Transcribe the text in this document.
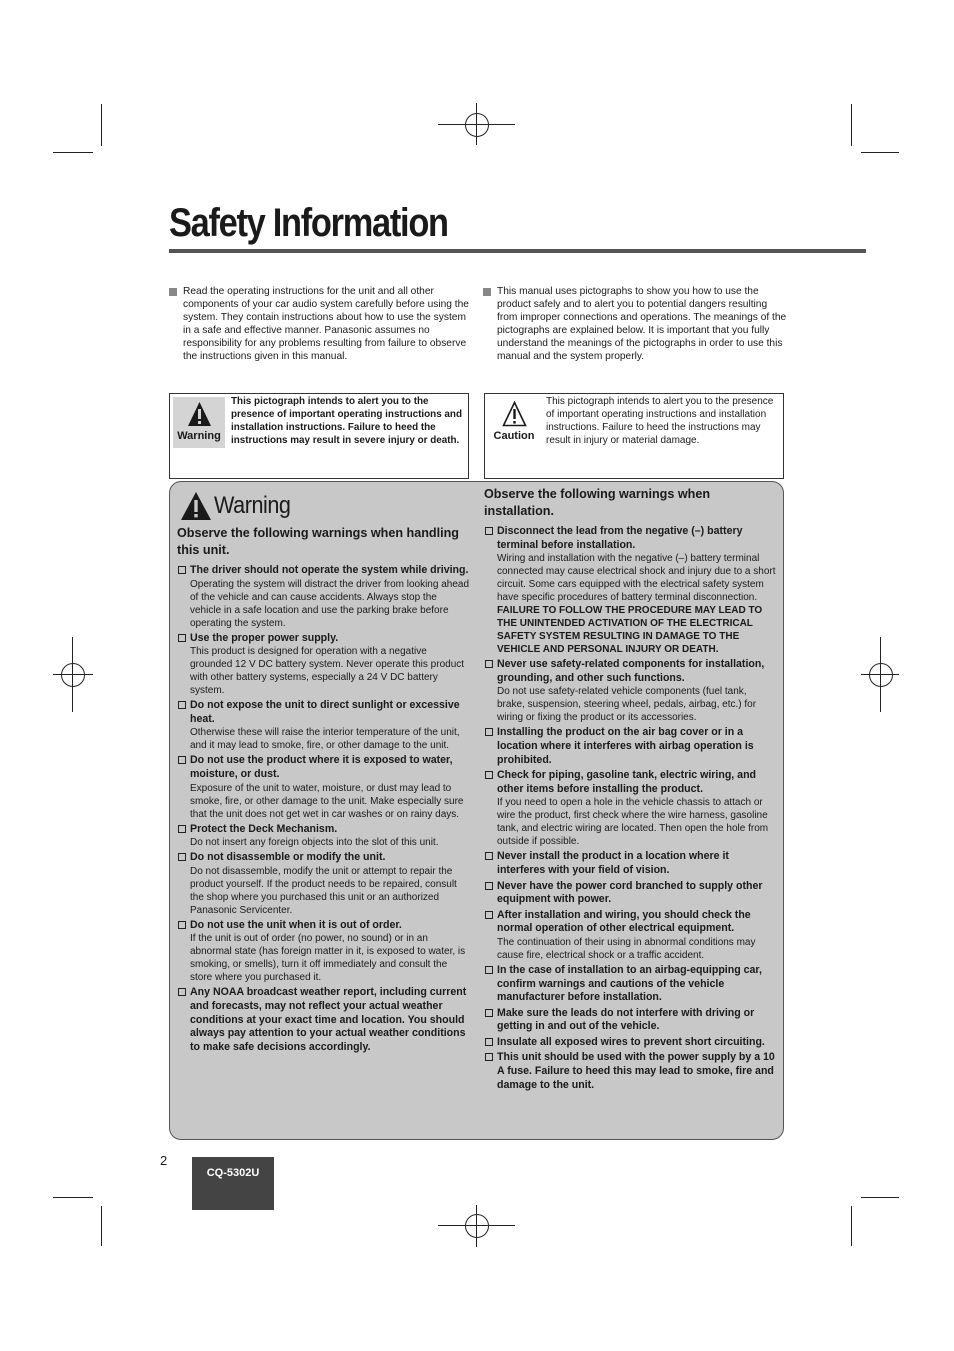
Safety Information
Read the operating instructions for the unit and all other components of your car audio system carefully before using the system. They contain instructions about how to use the system in a safe and effective manner. Panasonic assumes no responsibility for any problems resulting from failure to observe the instructions given in this manual.
This manual uses pictographs to show you how to use the product safely and to alert you to potential dangers resulting from improper connections and operations. The meanings of the pictographs are explained below. It is important that you fully understand the meanings of the pictographs in order to use this manual and the system properly.
Warning
This pictograph intends to alert you to the presence of important operating instructions and installation instructions. Failure to heed the instructions may result in severe injury or death.	Caution
This pictograph intends to alert you to the presence of important operating instructions and installation instructions. Failure to heed the instructions may result in injury or material damage.
Warning
Observe the following warnings when handling this unit.
The driver should not operate the system while driving.
Operating the system will distract the driver from looking ahead of the vehicle and can cause accidents. Always stop the vehicle in a safe location and use the parking brake before operating the system.
Use the proper power supply.
This product is designed for operation with a negative grounded 12 V DC battery system. Never operate this product with other battery systems, especially a 24 V DC battery system.
Do not expose the unit to direct sunlight or excessive heat.
Otherwise these will raise the interior temperature of the unit, and it may lead to smoke, fire, or other damage to the unit.
Do not use the product where it is exposed to water, moisture, or dust.
Exposure of the unit to water, moisture, or dust may lead to smoke, fire, or other damage to the unit. Make especially sure that the unit does not get wet in car washes or on rainy days.
Protect the Deck Mechanism.
Do not insert any foreign objects into the slot of this unit.
Do not disassemble or modify the unit.
Do not disassemble, modify the unit or attempt to repair the product yourself. If the product needs to be repaired, consult the shop where you purchased this unit or an authorized Panasonic Servicenter.
Do not use the unit when it is out of order.
If the unit is out of order (no power, no sound) or in an abnormal state (has foreign matter in it, is exposed to water, is smoking, or smells), turn it off immediately and consult the store where you purchased it.
Any NOAA broadcast weather report, including current and forecasts, may not reflect your actual weather conditions at your exact time and location. You should always pay attention to your actual weather conditions to make safe decisions accordingly.
Observe the following warnings when installation.
Disconnect the lead from the negative (–) battery terminal before installation.
Wiring and installation with the negative (–) battery terminal connected may cause electrical shock and injury due to a short circuit. Some cars equipped with the electrical safety system have specific procedures of battery terminal disconnection.
FAILURE TO FOLLOW THE PROCEDURE MAY LEAD TO THE UNINTENDED ACTIVATION OF THE ELECTRICAL SAFETY SYSTEM RESULTING IN DAMAGE TO THE VEHICLE AND PERSONAL INJURY OR DEATH.
Never use safety-related components for installation, grounding, and other such functions.
Do not use safety-related vehicle components (fuel tank, brake, suspension, steering wheel, pedals, airbag, etc.) for wiring or fixing the product or its accessories.
Installing the product on the air bag cover or in a location where it interferes with airbag operation is prohibited.
Check for piping, gasoline tank, electric wiring, and other items before installing the product.
If you need to open a hole in the vehicle chassis to attach or wire the product, first check where the wire harness, gasoline tank, and electric wiring are located. Then open the hole from outside if possible.
Never install the product in a location where it interferes with your field of vision.
Never have the power cord branched to supply other equipment with power.
After installation and wiring, you should check the normal operation of other electrical equipment.
The continuation of their using in abnormal conditions may cause fire, electrical shock or a traffic accident.
In the case of installation to an airbag-equipping car, confirm warnings and cautions of the vehicle manufacturer before installation.
Make sure the leads do not interfere with driving or getting in and out of the vehicle.
Insulate all exposed wires to prevent short circuiting.
This unit should be used with the power supply by a 10 A fuse. Failure to heed this may lead to smoke, fire and damage to the unit.
2
CQ-5302U
